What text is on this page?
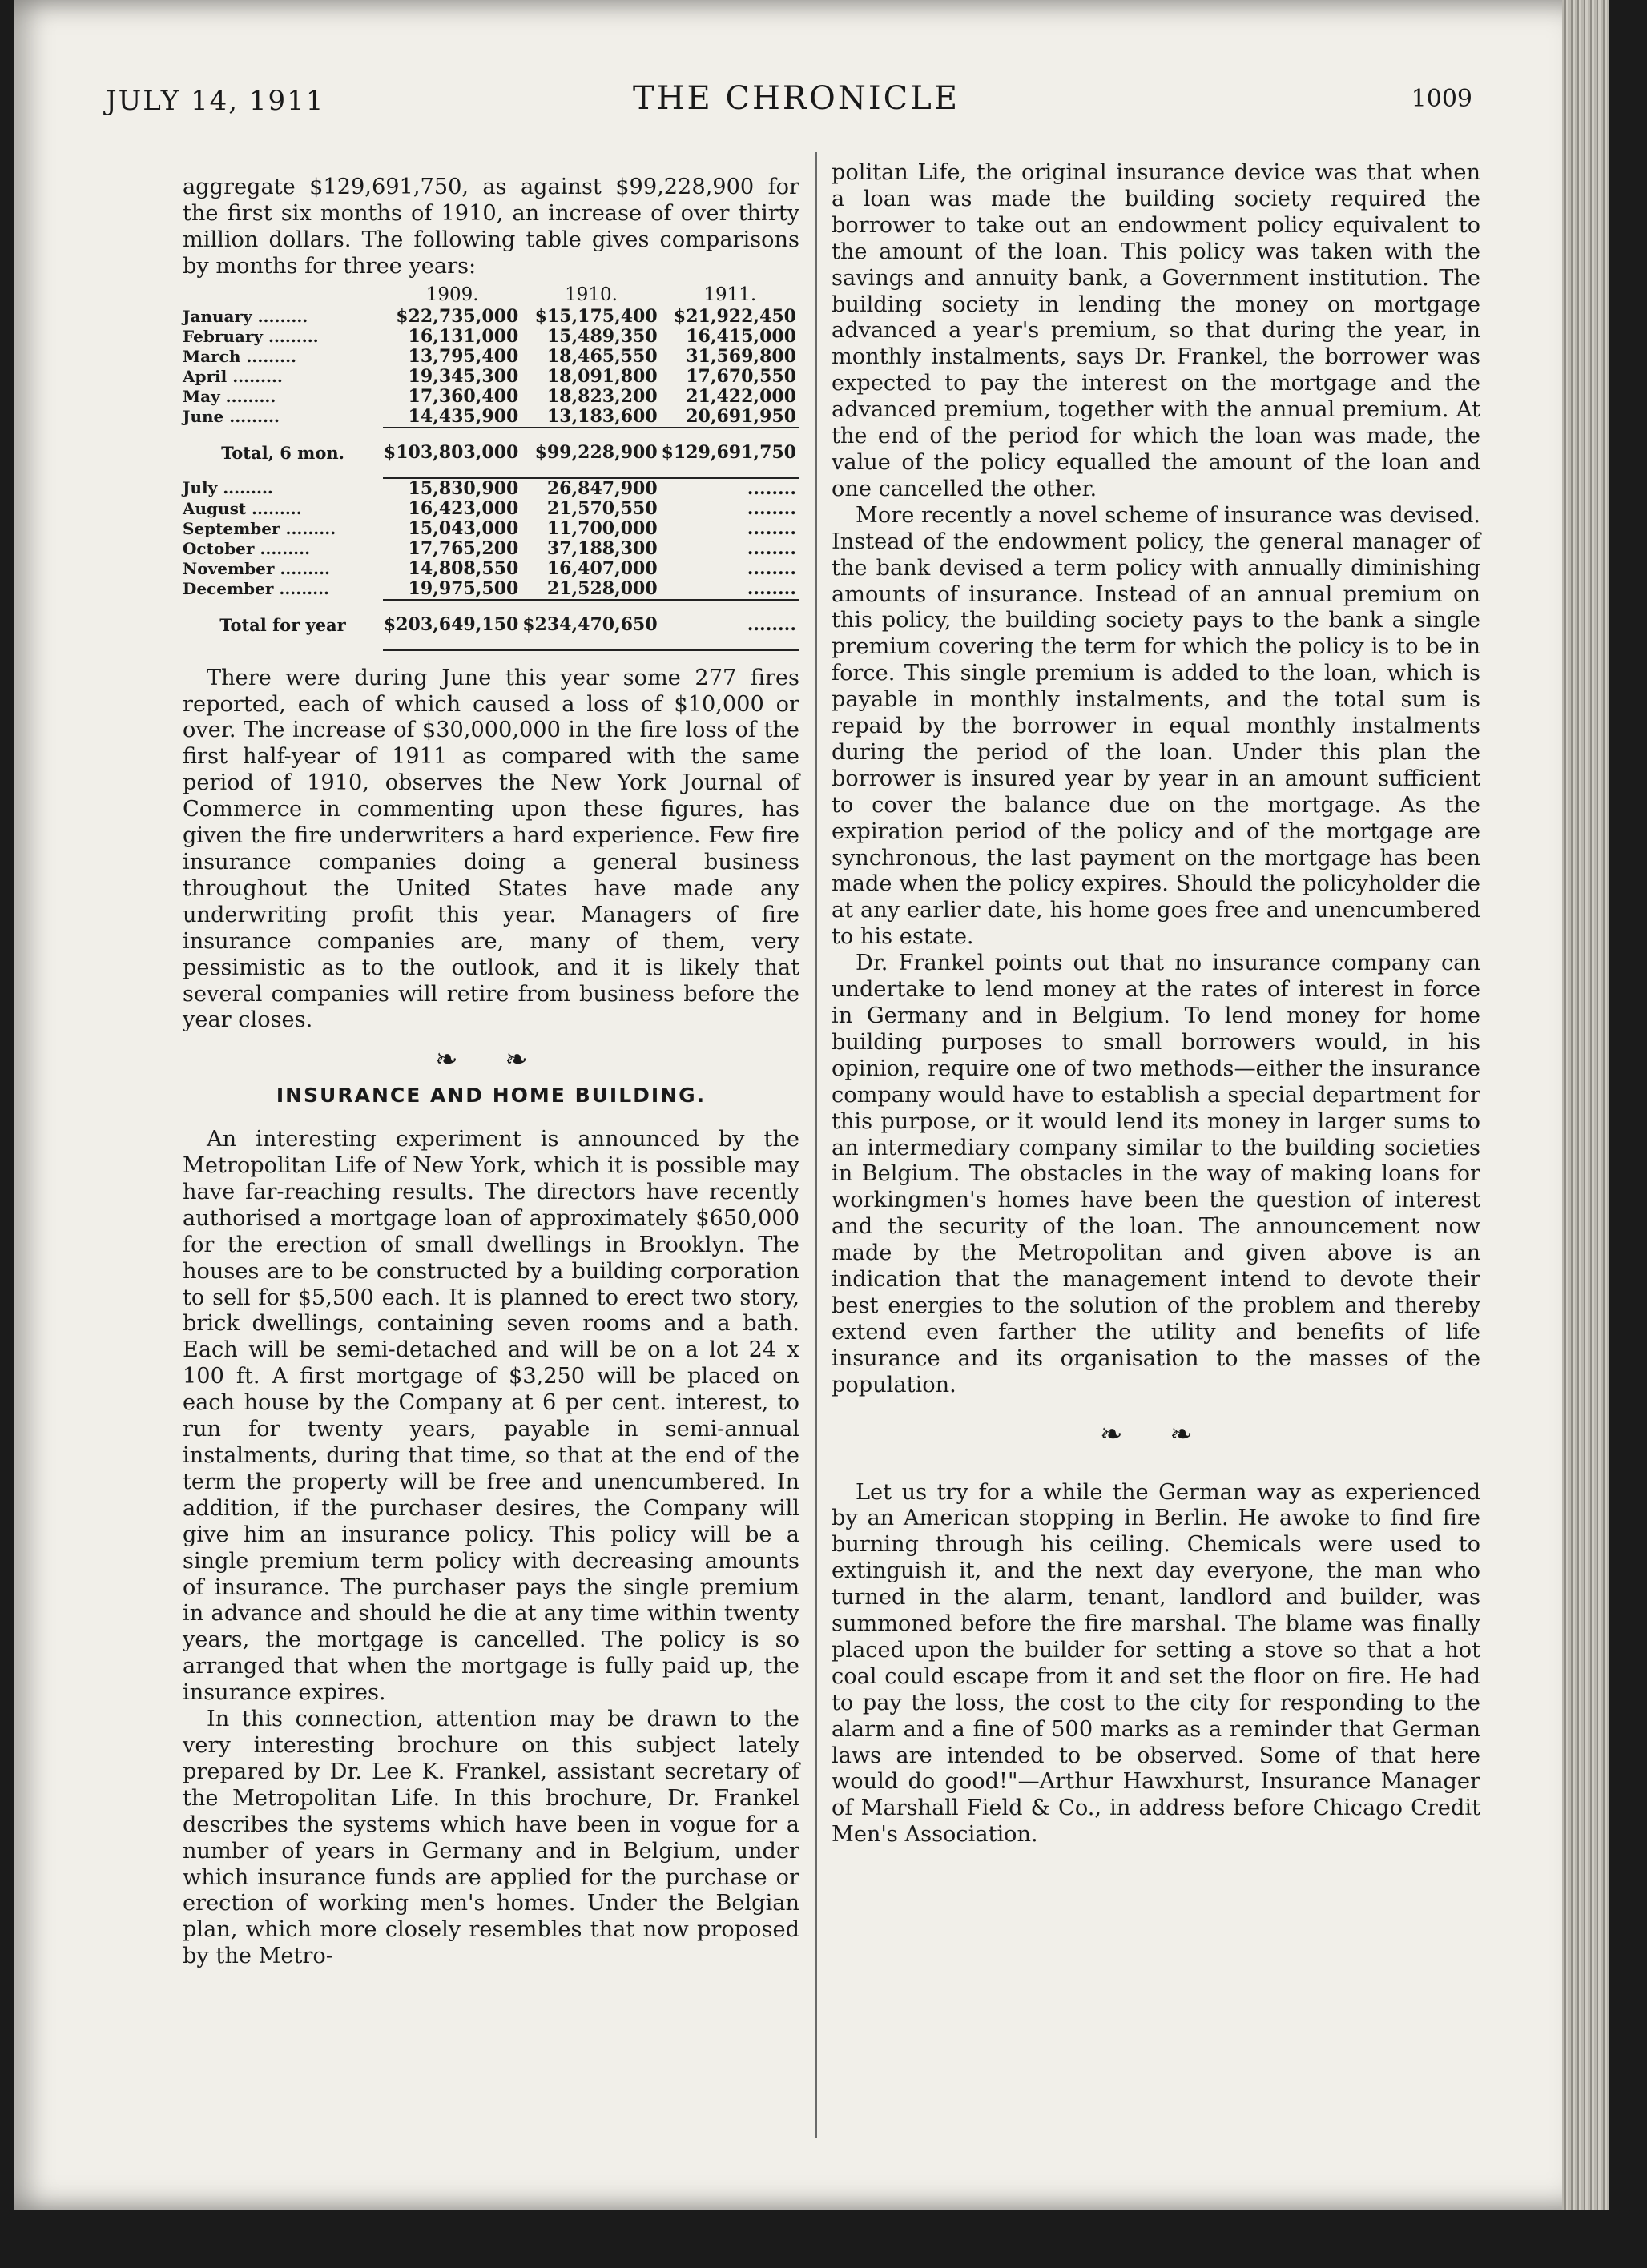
JULY 14, 1911	THE CHRONICLE	1009

aggregate $129,691,750, as against $99,228,900 for the first six months of 1910, an increase of over thirty million dollars. The following table gives comparisons by months for three years:

	1909.	1910.	1911.
January .........	$22,735,000	$15,175,400	$21,922,450
February .........	16,131,000	15,489,350	16,415,000
March .........	13,795,400	18,465,550	31,569,800
April .........	19,345,300	18,091,800	17,670,550
May .........	17,360,400	18,823,200	21,422,000
June .........	14,435,900	13,183,600	20,691,950
Total, 6 mon.	$103,803,000	$99,228,900	$129,691,750
July .........	15,830,900	26,847,900	........
August .........	16,423,000	21,570,550	........
September .........	15,043,000	11,700,000	........
October .........	17,765,200	37,188,300	........
November .........	14,808,550	16,407,000	........
December .........	19,975,500	21,528,000	........
Total for year	$203,649,150	$234,470,650	........

There were during June this year some 277 fires reported, each of which caused a loss of $10,000 or over. The increase of $30,000,000 in the fire loss of the first half-year of 1911 as compared with the same period of 1910, observes the New York Journal of Commerce in commenting upon these figures, has given the fire underwriters a hard experience. Few fire insurance companies doing a general business throughout the United States have made any underwriting profit this year. Managers of fire insurance companies are, many of them, very pessimistic as to the outlook, and it is likely that several companies will retire from business before the year closes.

❧ ❧
INSURANCE AND HOME BUILDING.

An interesting experiment is announced by the Metropolitan Life of New York, which it is possible may have far-reaching results. The directors have recently authorised a mortgage loan of approximately $650,000 for the erection of small dwellings in Brooklyn. The houses are to be constructed by a building corporation to sell for $5,500 each. It is planned to erect two story, brick dwellings, containing seven rooms and a bath. Each will be semi-detached and will be on a lot 24 x 100 ft. A first mortgage of $3,250 will be placed on each house by the Company at 6 per cent. interest, to run for twenty years, payable in semi-annual instalments, during that time, so that at the end of the term the property will be free and unencumbered. In addition, if the purchaser desires, the Company will give him an insurance policy. This policy will be a single premium term policy with decreasing amounts of insurance. The purchaser pays the single premium in advance and should he die at any time within twenty years, the mortgage is cancelled. The policy is so arranged that when the mortgage is fully paid up, the insurance expires.

In this connection, attention may be drawn to the very interesting brochure on this subject lately prepared by Dr. Lee K. Frankel, assistant secretary of the Metropolitan Life. In this brochure, Dr. Frankel describes the systems which have been in vogue for a number of years in Germany and in Belgium, under which insurance funds are applied for the purchase or erection of working men's homes. Under the Belgian plan, which more closely resembles that now proposed by the Metro-

politan Life, the original insurance device was that when a loan was made the building society required the borrower to take out an endowment policy equivalent to the amount of the loan. This policy was taken with the savings and annuity bank, a Government institution. The building society in lending the money on mortgage advanced a year's premium, so that during the year, in monthly instalments, says Dr. Frankel, the borrower was expected to pay the interest on the mortgage and the advanced premium, together with the annual premium. At the end of the period for which the loan was made, the value of the policy equalled the amount of the loan and one cancelled the other.

More recently a novel scheme of insurance was devised. Instead of the endowment policy, the general manager of the bank devised a term policy with annually diminishing amounts of insurance. Instead of an annual premium on this policy, the building society pays to the bank a single premium covering the term for which the policy is to be in force. This single premium is added to the loan, which is payable in monthly instalments, and the total sum is repaid by the borrower in equal monthly instalments during the period of the loan. Under this plan the borrower is insured year by year in an amount sufficient to cover the balance due on the mortgage. As the expiration period of the policy and of the mortgage are synchronous, the last payment on the mortgage has been made when the policy expires. Should the policyholder die at any earlier date, his home goes free and unencumbered to his estate.

Dr. Frankel points out that no insurance company can undertake to lend money at the rates of interest in force in Germany and in Belgium. To lend money for home building purposes to small borrowers would, in his opinion, require one of two methods—either the insurance company would have to establish a special department for this purpose, or it would lend its money in larger sums to an intermediary company similar to the building societies in Belgium. The obstacles in the way of making loans for workingmen's homes have been the question of interest and the security of the loan. The announcement now made by the Metropolitan and given above is an indication that the management intend to devote their best energies to the solution of the problem and thereby extend even farther the utility and benefits of life insurance and its organisation to the masses of the population.

❧ ❧

Let us try for a while the German way as experienced by an American stopping in Berlin. He awoke to find fire burning through his ceiling. Chemicals were used to extinguish it, and the next day everyone, the man who turned in the alarm, tenant, landlord and builder, was summoned before the fire marshal. The blame was finally placed upon the builder for setting a stove so that a hot coal could escape from it and set the floor on fire. He had to pay the loss, the cost to the city for responding to the alarm and a fine of 500 marks as a reminder that German laws are intended to be observed. Some of that here would do good!"—Arthur Hawxhurst, Insurance Manager of Marshall Field & Co., in address before Chicago Credit Men's Association.
